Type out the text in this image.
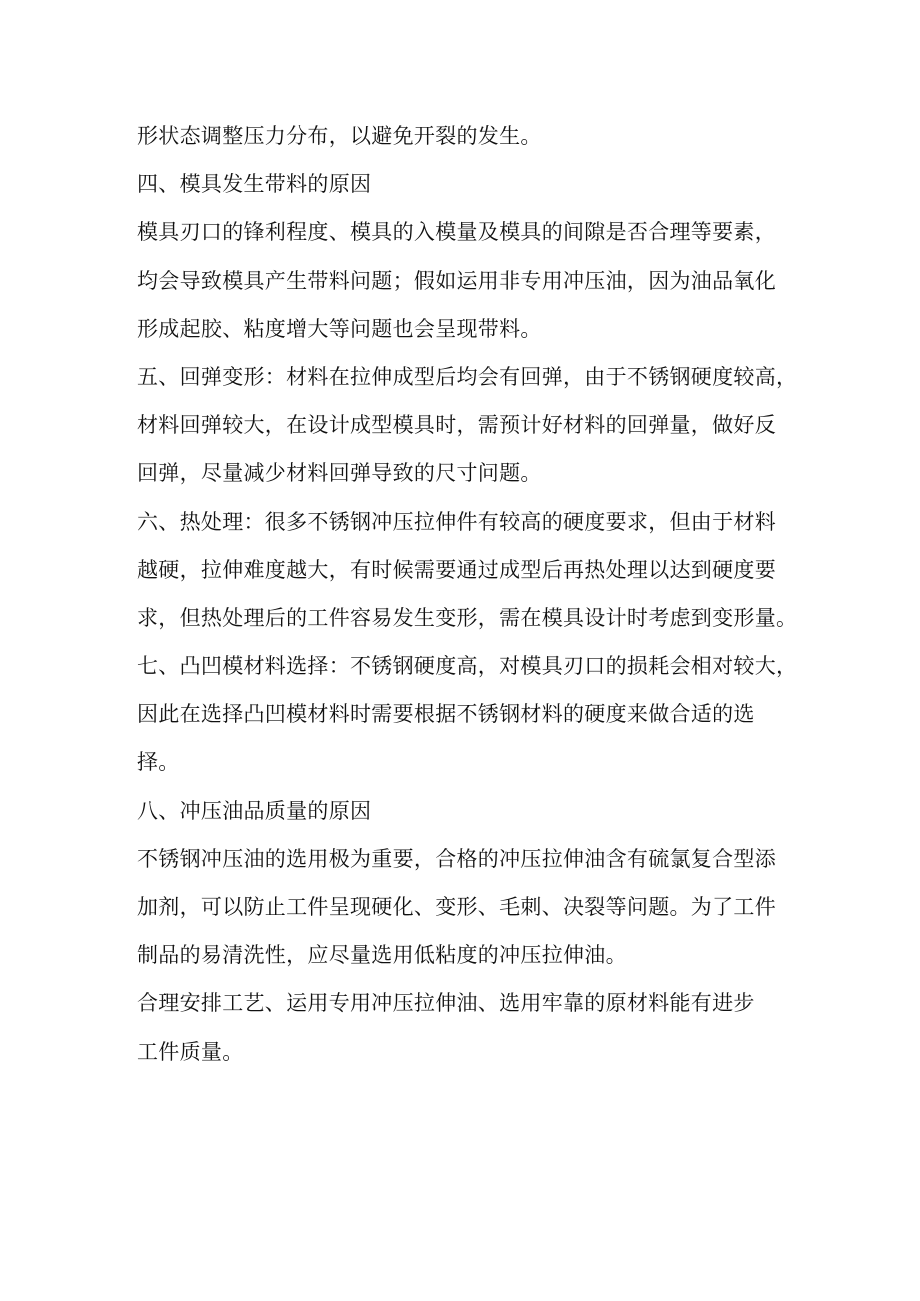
形状态调整压力分布，以避免开裂的发生。
四、模具发生带料的原因
模具刃口的锋利程度、模具的入模量及模具的间隙是否合理等要素，
均会导致模具产生带料问题；假如运用非专用冲压油，因为油品氧化
形成起胶、粘度增大等问题也会呈现带料。
五、回弹变形：材料在拉伸成型后均会有回弹，由于不锈钢硬度较高，
材料回弹较大，在设计成型模具时，需预计好材料的回弹量，做好反
回弹，尽量减少材料回弹导致的尺寸问题。
六、热处理：很多不锈钢冲压拉伸件有较高的硬度要求，但由于材料
越硬，拉伸难度越大，有时候需要通过成型后再热处理以达到硬度要
求，但热处理后的工件容易发生变形，需在模具设计时考虑到变形量。
七、凸凹模材料选择：不锈钢硬度高，对模具刃口的损耗会相对较大，
因此在选择凸凹模材料时需要根据不锈钢材料的硬度来做合适的选
择。
八、冲压油品质量的原因
不锈钢冲压油的选用极为重要，合格的冲压拉伸油含有硫氯复合型添
加剂，可以防止工件呈现硬化、变形、毛刺、决裂等问题。为了工件
制品的易清洗性，应尽量选用低粘度的冲压拉伸油。
合理安排工艺、运用专用冲压拉伸油、选用牢靠的原材料能有进步
工件质量。
